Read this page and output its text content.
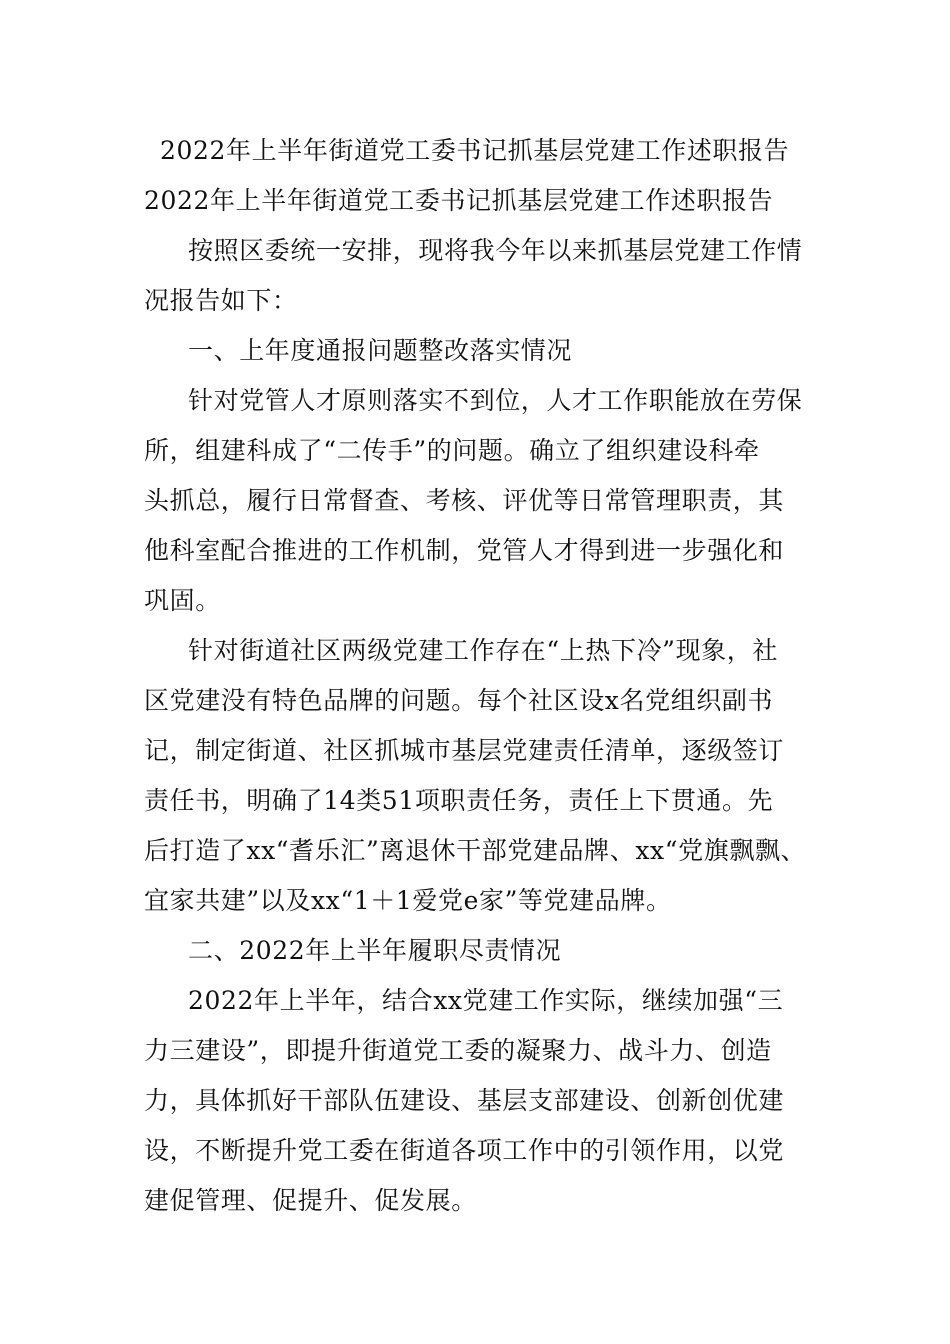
2022年上半年街道党工委书记抓基层党建工作述职报告
2022年上半年街道党工委书记抓基层党建工作述职报告
按照区委统一安排，现将我今年以来抓基层党建工作情
况报告如下：
一、上年度通报问题整改落实情况
针对党管人才原则落实不到位，人才工作职能放在劳保
所，组建科成了“二传手”的问题。确立了组织建设科牵
头抓总，履行日常督查、考核、评优等日常管理职责，其
他科室配合推进的工作机制，党管人才得到进一步强化和
巩固。
针对街道社区两级党建工作存在“上热下冷”现象，社
区党建没有特色品牌的问题。每个社区设x名党组织副书
记，制定街道、社区抓城市基层党建责任清单，逐级签订
责任书，明确了14类51项职责任务，责任上下贯通。先
后打造了xx“耆乐汇”离退休干部党建品牌、xx“党旗飘飘、
宜家共建”以及xx“1＋1爱党e家”等党建品牌。
二、2022年上半年履职尽责情况
2022年上半年，结合xx党建工作实际，继续加强“三
力三建设”，即提升街道党工委的凝聚力、战斗力、创造
力，具体抓好干部队伍建设、基层支部建设、创新创优建
设，不断提升党工委在街道各项工作中的引领作用，以党
建促管理、促提升、促发展。
